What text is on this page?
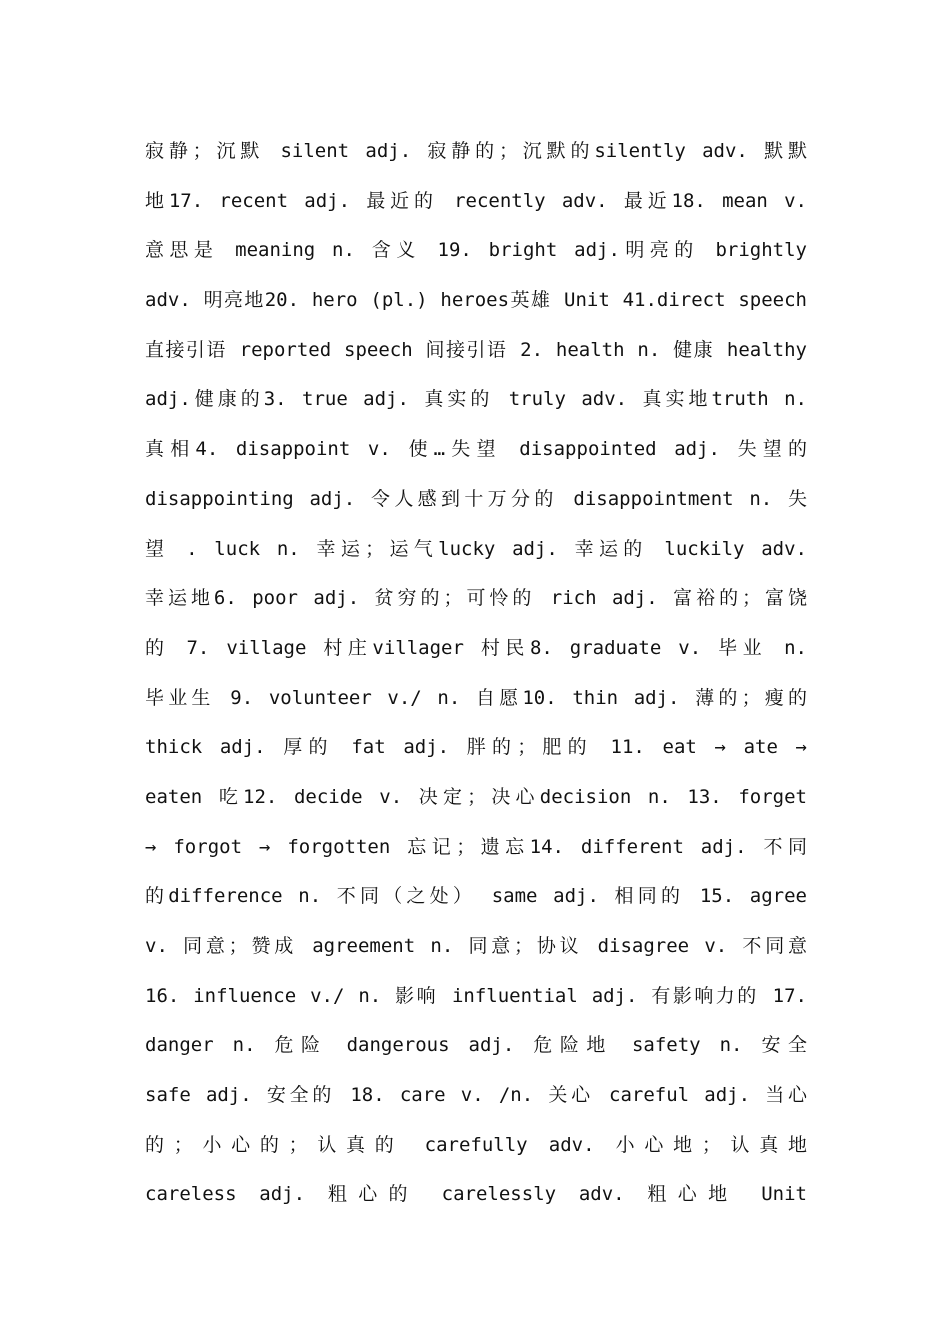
寂静；沉默 silent adj. 寂静的；沉默的silently adv. 默默
地17. recent adj. 最近的 recently adv. 最近18. mean v.
意思是 meaning n. 含义 19. bright adj.明亮的 brightly
adv. 明亮地20. hero (pl.) heroes英雄 Unit 41.direct speech
直接引语 reported speech 间接引语 2. health n. 健康 healthy
adj.健康的3. true adj. 真实的 truly adv. 真实地truth n.
真相4. disappoint v. 使…失望 disappointed adj. 失望的
disappointing adj. 令人感到十万分的 disappointment n. 失
望 . luck n. 幸运；运气lucky adj. 幸运的 luckily adv.
幸运地6. poor adj. 贫穷的；可怜的 rich adj. 富裕的；富饶
的 7. village 村庄villager 村民8. graduate v. 毕业 n.
毕业生 9. volunteer v./ n. 自愿10. thin adj. 薄的；瘦的
thick adj. 厚的 fat adj. 胖的；肥的 11. eat → ate →
eaten 吃12. decide v. 决定；决心decision n. 13. forget
→ forgot → forgotten 忘记；遗忘14. different adj. 不同
的difference n. 不同（之处） same adj. 相同的 15. agree
v. 同意；赞成 agreement n. 同意；协议 disagree v. 不同意
16. influence v./ n. 影响 influential adj. 有影响力的 17.
danger n. 危险 dangerous adj. 危险地 safety n. 安全
safe adj. 安全的 18. care v. /n. 关心 careful adj. 当心
的；小心的；认真的 carefully adv. 小心地；认真地
careless adj. 粗心的 carelessly adv. 粗心地 Unit
